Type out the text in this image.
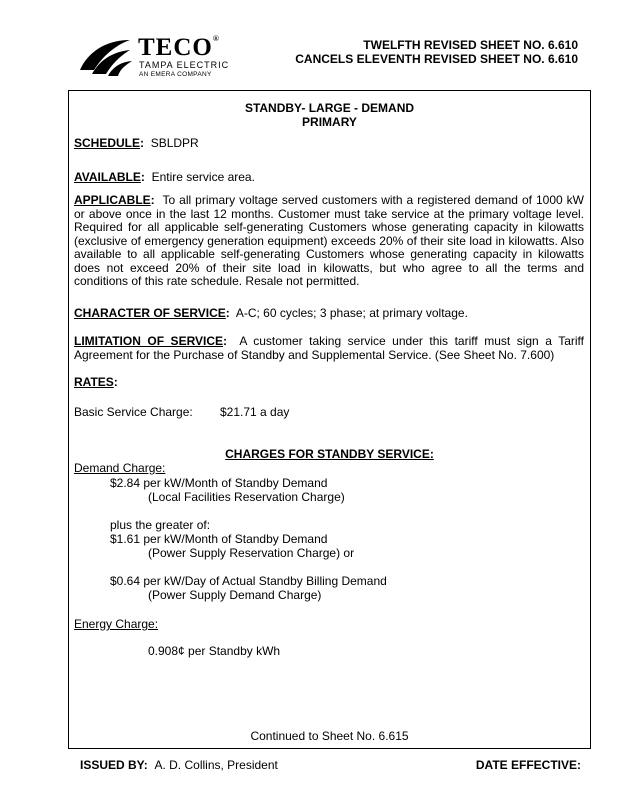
TECO®
TAMPA ELECTRIC
AN EMERA COMPANY
TWELFTH REVISED SHEET NO. 6.610
CANCELS ELEVENTH REVISED SHEET NO. 6.610
STANDBY- LARGE - DEMAND
PRIMARY
SCHEDULE: SBLDPR
AVAILABLE: Entire service area.
APPLICABLE: To all primary voltage served customers with a registered demand of 1000 kW or above once in the last 12 months. Customer must take service at the primary voltage level. Required for all applicable self-generating Customers whose generating capacity in kilowatts (exclusive of emergency generation equipment) exceeds 20% of their site load in kilowatts. Also available to all applicable self-generating Customers whose generating capacity in kilowatts does not exceed 20% of their site load in kilowatts, but who agree to all the terms and conditions of this rate schedule. Resale not permitted.
CHARACTER OF SERVICE: A-C; 60 cycles; 3 phase; at primary voltage.
LIMITATION OF SERVICE: A customer taking service under this tariff must sign a Tariff Agreement for the Purchase of Standby and Supplemental Service. (See Sheet No. 7.600)
RATES:
Basic Service Charge: $21.71 a day
CHARGES FOR STANDBY SERVICE:
Demand Charge:
$2.84 per kW/Month of Standby Demand
(Local Facilities Reservation Charge)
plus the greater of:
$1.61 per kW/Month of Standby Demand
(Power Supply Reservation Charge) or
$0.64 per kW/Day of Actual Standby Billing Demand
(Power Supply Demand Charge)
Energy Charge:
0.908¢ per Standby kWh
Continued to Sheet No. 6.615
ISSUED BY: A. D. Collins, President	DATE EFFECTIVE:
